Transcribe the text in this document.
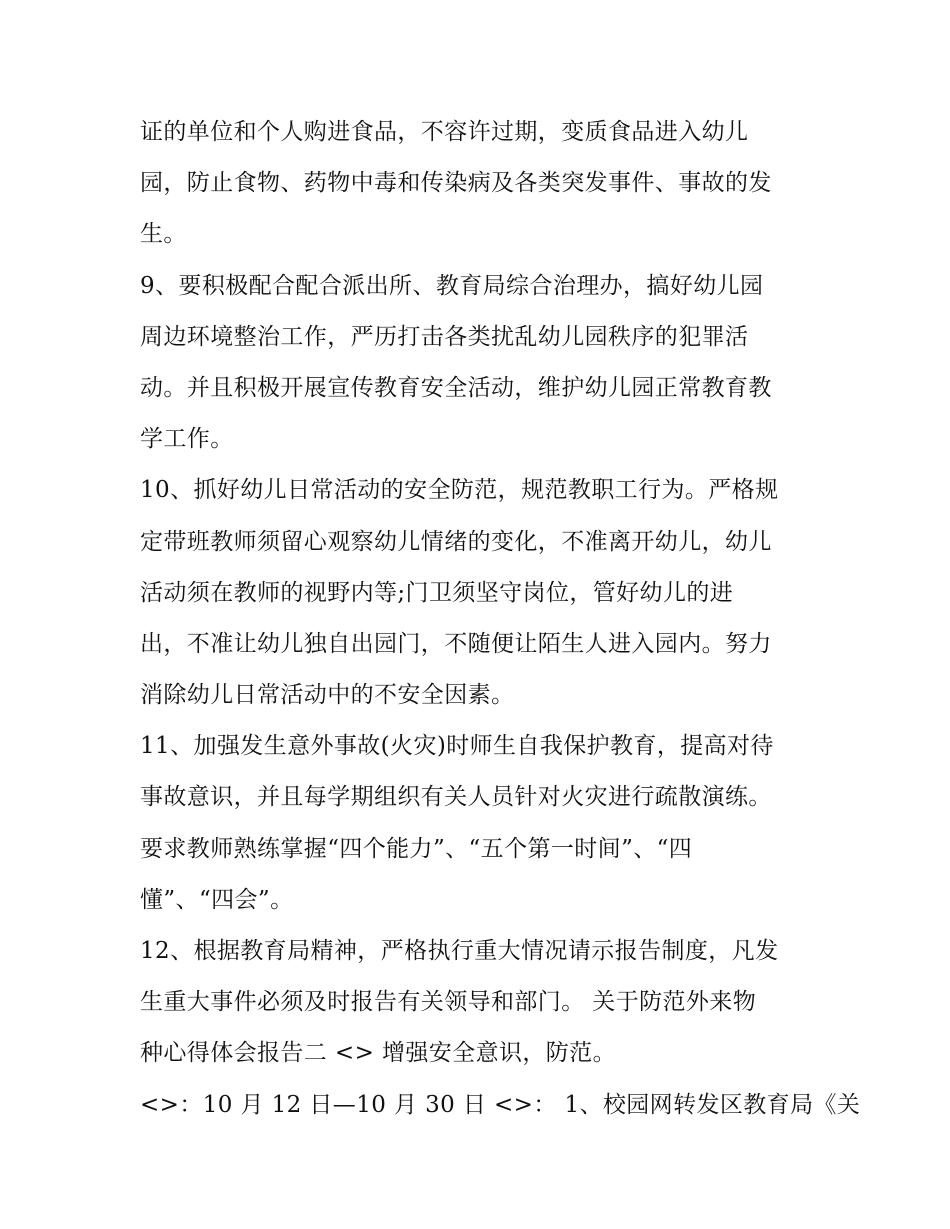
证的单位和个人购进食品，不容许过期，变质食品进入幼儿
园，防止食物、药物中毒和传染病及各类突发事件、事故的发
生。
9、要积极配合配合派出所、教育局综合治理办，搞好幼儿园
周边环境整治工作，严历打击各类扰乱幼儿园秩序的犯罪活
动。并且积极开展宣传教育安全活动，维护幼儿园正常教育教
学工作。
10、抓好幼儿日常活动的安全防范，规范教职工行为。严格规
定带班教师须留心观察幼儿情绪的变化，不准离开幼儿，幼儿
活动须在教师的视野内等;门卫须坚守岗位，管好幼儿的进
出，不准让幼儿独自出园门，不随便让陌生人进入园内。努力
消除幼儿日常活动中的不安全因素。
11、加强发生意外事故(火灾)时师生自我保护教育，提高对待
事故意识，并且每学期组织有关人员针对火灾进行疏散演练。
要求教师熟练掌握“四个能力”、“五个第一时间”、“四
懂”、“四会”。
12、根据教育局精神，严格执行重大情况请示报告制度，凡发
生重大事件必须及时报告有关领导和部门。 关于防范外来物
种心得体会报告二 <> 增强安全意识，防范。
<>：10 月 12 日—10 月 30 日 <>： 1、校园网转发区教育局《关
